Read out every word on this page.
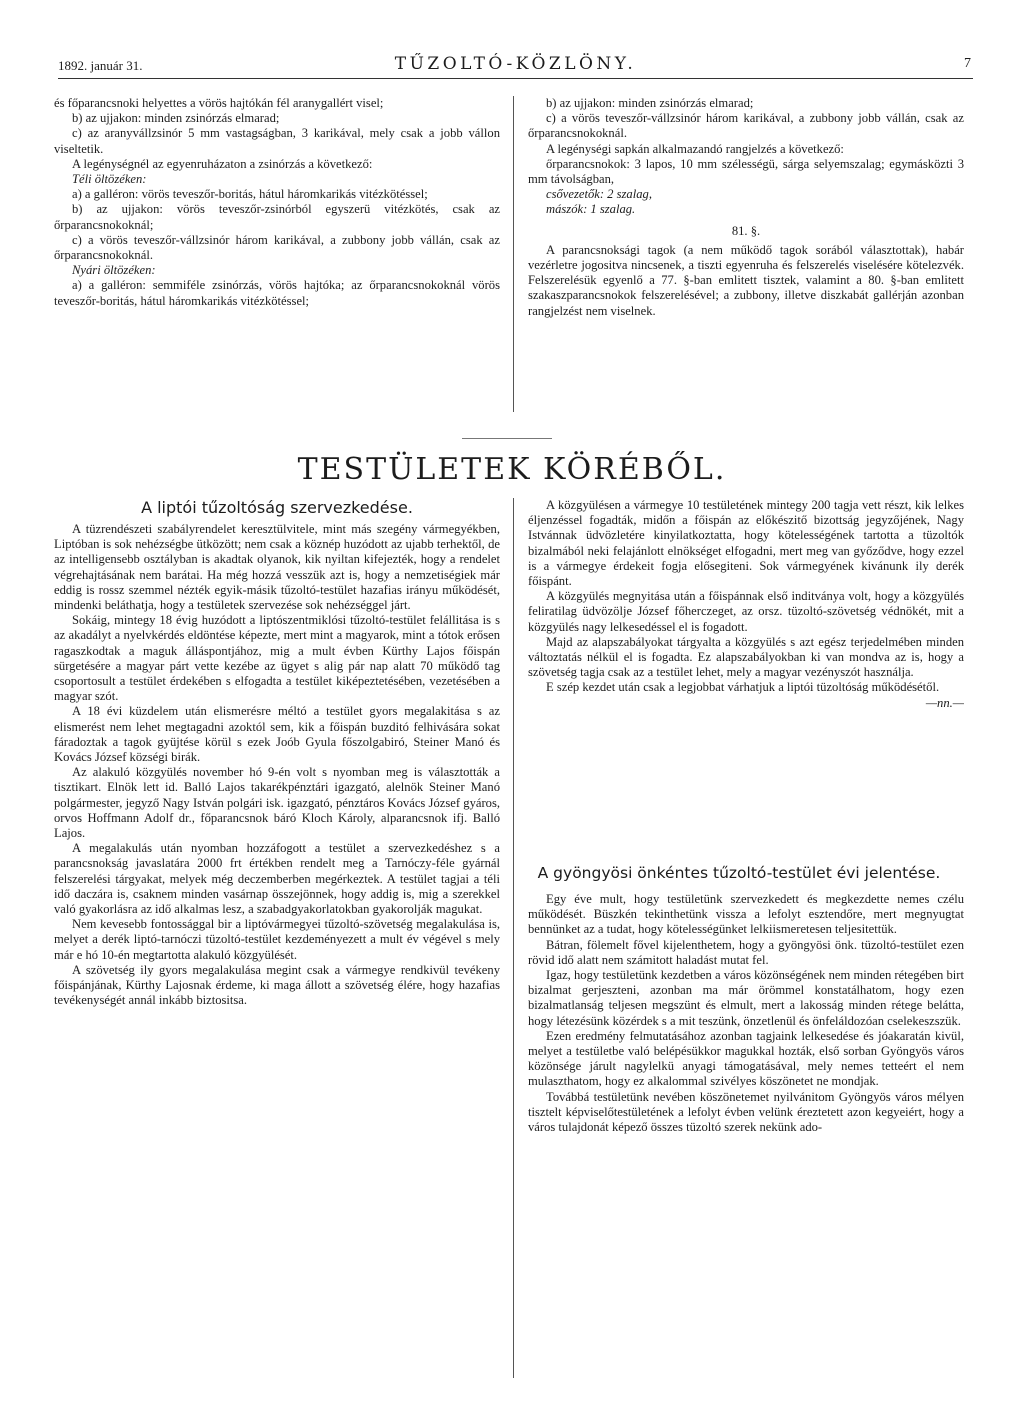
1892. január 31.	TŰZOLTÓ-KÖZLÖNY.	7

és főparancsnoki helyettes a vörös hajtókán fél aranygallért visel;

b) az ujjakon: minden zsinórzás elmarad;

c) az aranyvállzsinór 5 mm vastagságban, 3 karikával, mely csak a jobb vállon viseltetik.

A legénységnél az egyenruházaton a zsinórzás a következő:

Téli öltözéken:

a) a galléron: vörös teveszőr-boritás, hátul háromkarikás vitézkötéssel;

b) az ujjakon: vörös teveszőr-zsinórból egyszerü vitézkötés, csak az őrparancsnokoknál;

c) a vörös teveszőr-vállzsinór három karikával, a zubbony jobb vállán, csak az őrparancsnokoknál.

Nyári öltözéken:

a) a galléron: semmiféle zsinórzás, vörös hajtóka; az őrparancsnokoknál vörös teveszőr-boritás, hátul háromkarikás vitézkötéssel;

b) az ujjakon: minden zsinórzás elmarad;

c) a vörös teveszőr-vállzsinór három karikával, a zubbony jobb vállán, csak az őrparancsnokoknál.

A legénységi sapkán alkalmazandó rangjelzés a következő:

őrparancsnokok: 3 lapos, 10 mm szélességü, sárga selyemszalag; egymásközti 3 mm távolságban,

csővezetők: 2 szalag,

mászók: 1 szalag.

81. §.

A parancsnoksági tagok (a nem működő tagok sorából választottak), habár vezérletre jogositva nincsenek, a tiszti egyenruha és felszerelés viselésére kötelezvék. Felszerelésük egyenlő a 77. §-ban emlitett tisztek, valamint a 80. §-ban emlitett szakaszparancsnokok felszerelésével; a zubbony, illetve diszkabát gallérján azonban rangjelzést nem viselnek.

TESTÜLETEK KÖRÉBŐL.
A liptói tűzoltóság szervezkedése.

A tüzrendészeti szabályrendelet keresztülvitele, mint más szegény vármegyékben, Liptóban is sok nehézségbe ütközött; nem csak a köznép huzódott az ujabb terhektől, de az intelligensebb osztályban is akadtak olyanok, kik nyiltan kifejezték, hogy a rendelet végrehajtásának nem barátai. Ha még hozzá vesszük azt is, hogy a nemzetiségiek már eddig is rossz szemmel nézték egyik-másik tűzoltó-testület hazafias irányu működését, mindenki beláthatja, hogy a testületek szervezése sok nehézséggel járt.

Sokáig, mintegy 18 évig huzódott a liptószentmiklósi tűzoltó-testület felállitása is s az akadályt a nyelvkérdés eldöntése képezte, mert mint a magyarok, mint a tótok erősen ragaszkodtak a maguk álláspontjához, mig a mult évben Kürthy Lajos főispán sürgetésére a magyar párt vette kezébe az ügyet s alig pár nap alatt 70 működő tag csoportosult a testület érdekében s elfogadta a testület kiképeztetésében, vezetésében a magyar szót.

A 18 évi küzdelem után elismerésre méltó a testület gyors megalakitása s az elismerést nem lehet megtagadni azoktól sem, kik a főispán buzditó felhivására sokat fáradoztak a tagok gyüjtése körül s ezek Joób Gyula főszolgabiró, Steiner Manó és Kovács József községi birák.

Az alakuló közgyülés november hó 9-én volt s nyomban meg is választották a tisztikart. Elnök lett id. Balló Lajos takarékpénztári igazgató, alelnök Steiner Manó polgármester, jegyző Nagy István polgári isk. igazgató, pénztáros Kovács József gyáros, orvos Hoffmann Adolf dr., főparancsnok báró Kloch Károly, alparancsnok ifj. Balló Lajos.

A megalakulás után nyomban hozzáfogott a testület a szervezkedéshez s a parancsnokság javaslatára 2000 frt értékben rendelt meg a Tarnóczy-féle gyárnál felszerelési tárgyakat, melyek még deczemberben megérkeztek. A testület tagjai a téli idő daczára is, csaknem minden vasárnap összejönnek, hogy addig is, mig a szerekkel való gyakorlásra az idő alkalmas lesz, a szabadgyakorlatokban gyakorolják magukat.

Nem kevesebb fontossággal bir a liptóvármegyei tűzoltó-szövetség megalakulása is, melyet a derék liptó-tarnóczi tüzoltó-testület kezdeményezett a mult év végével s mely már e hó 10-én megtartotta alakuló közgyülését.

A szövetség ily gyors megalakulása megint csak a vármegye rendkivül tevékeny főispánjának, Kürthy Lajosnak érdeme, ki maga állott a szövetség élére, hogy hazafias tevékenységét annál inkább biztositsa.

A közgyülésen a vármegye 10 testületének mintegy 200 tagja vett részt, kik lelkes éljenzéssel fogadták, midőn a főispán az előkészitő bizottság jegyzőjének, Nagy Istvánnak üdvözletére kinyilatkoztatta, hogy kötelességének tartotta a tüzoltók bizalmából neki felajánlott elnökséget elfogadni, mert meg van győződve, hogy ezzel is a vármegye érdekeit fogja elősegiteni. Sok vármegyének kivánunk ily derék főispánt.

A közgyülés megnyitása után a főispánnak első inditványa volt, hogy a közgyülés feliratilag üdvözölje József főherczeget, az orsz. tüzoltó-szövetség védnökét, mit a közgyülés nagy lelkesedéssel el is fogadott.

Majd az alapszabályokat tárgyalta a közgyülés s azt egész terjedelmében minden változtatás nélkül el is fogadta. Ez alapszabályokban ki van mondva az is, hogy a szövetség tagja csak az a testület lehet, mely a magyar vezényszót használja.

E szép kezdet után csak a legjobbat várhatjuk a liptói tüzoltóság működésétől.

—nn.—

A gyöngyösi önkéntes tűzoltó-testület évi jelentése.

Egy éve mult, hogy testületünk szervezkedett és megkezdette nemes czélu működését. Büszkén tekinthetünk vissza a lefolyt esztendőre, mert megnyugtat bennünket az a tudat, hogy kötelességünket lelkiismeretesen teljesitettük.

Bátran, fölemelt fővel kijelenthetem, hogy a gyöngyösi önk. tüzoltó-testület ezen rövid idő alatt nem számitott haladást mutat fel.

Igaz, hogy testületünk kezdetben a város közönségének nem minden rétegében birt bizalmat gerjeszteni, azonban ma már örömmel konstatálhatom, hogy ezen bizalmatlanság teljesen megszünt és elmult, mert a lakosság minden rétege belátta, hogy létezésünk közérdek s a mit teszünk, önzetlenül és önfeláldozóan cselekeszszük.

Ezen eredmény felmutatásához azonban tagjaink lelkesedése és jóakaratán kivül, melyet a testületbe való belépésükkor magukkal hozták, első sorban Gyöngyös város közönsége járult nagylelkü anyagi támogatásával, mely nemes tetteért el nem mulaszthatom, hogy ez alkalommal szivélyes köszönetet ne mondjak.

Továbbá testületünk nevében köszönetemet nyilvánitom Gyöngyös város mélyen tisztelt képviselőtestületének a lefolyt évben velünk éreztetett azon kegyeiért, hogy a város tulajdonát képező összes tüzoltó szerek nekünk ado-
